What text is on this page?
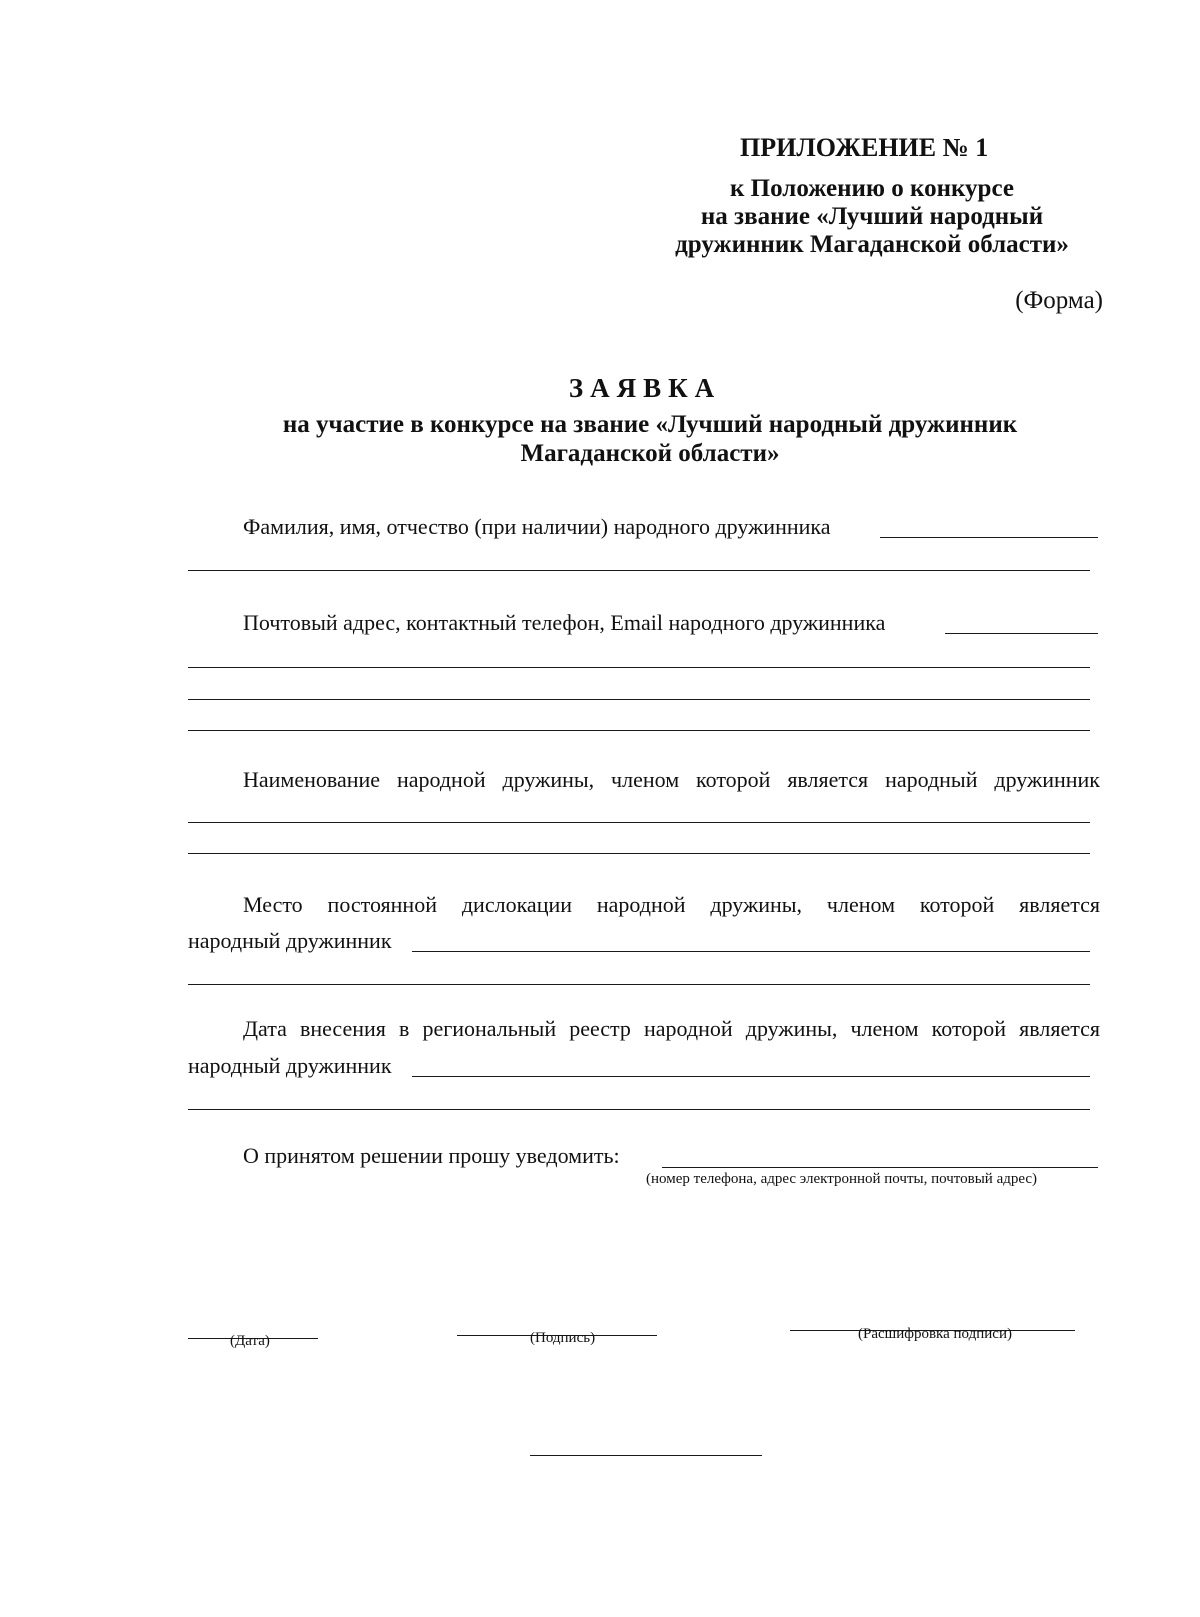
ПРИЛОЖЕНИЕ № 1
к Положению о конкурсе
на звание «Лучший народный
дружинник Магаданской области»
(Форма)
ЗАЯВКА
на участие в конкурсе на звание «Лучший народный дружинник
Магаданской области»
Фамилия, имя, отчество (при наличии) народного дружинника
Почтовый адрес, контактный телефон, Email народного дружинника
Наименование народной дружины, членом которой является народный дружинник
Место постоянной дислокации народной дружины, членом которой является
народный дружинник
Дата внесения в региональный реестр народной дружины, членом которой является
народный дружинник
О принятом решении прошу уведомить:
(номер телефона, адрес электронной почты, почтовый адрес)
(Дата)	(Подпись)	(Расшифровка подписи)
